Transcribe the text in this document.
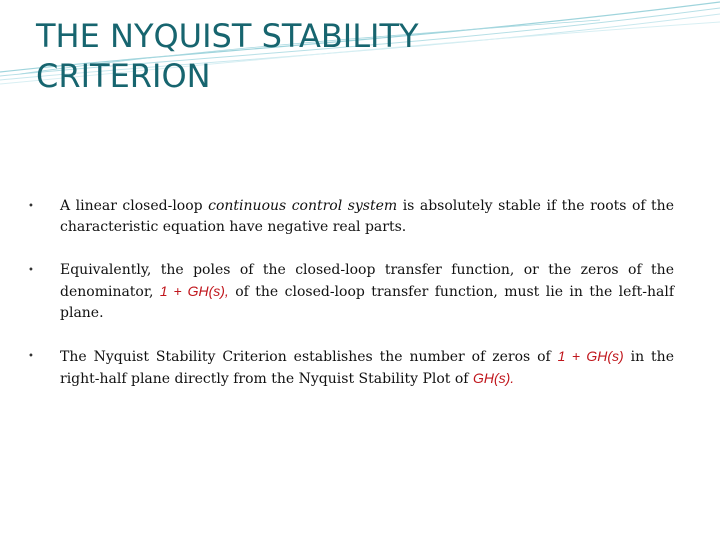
THE NYQUIST STABILITY
CRITERION
• A linear closed-loop continuous control system is absolutely stable if the roots of the characteristic equation have negative real parts.
• Equivalently, the poles of the closed-loop transfer function, or the zeros of the denominator, 1 + GH(s), of the closed-loop transfer function, must lie in the left-half plane.
• The Nyquist Stability Criterion establishes the number of zeros of 1 + GH(s) in the right-half plane directly from the Nyquist Stability Plot of GH(s).
